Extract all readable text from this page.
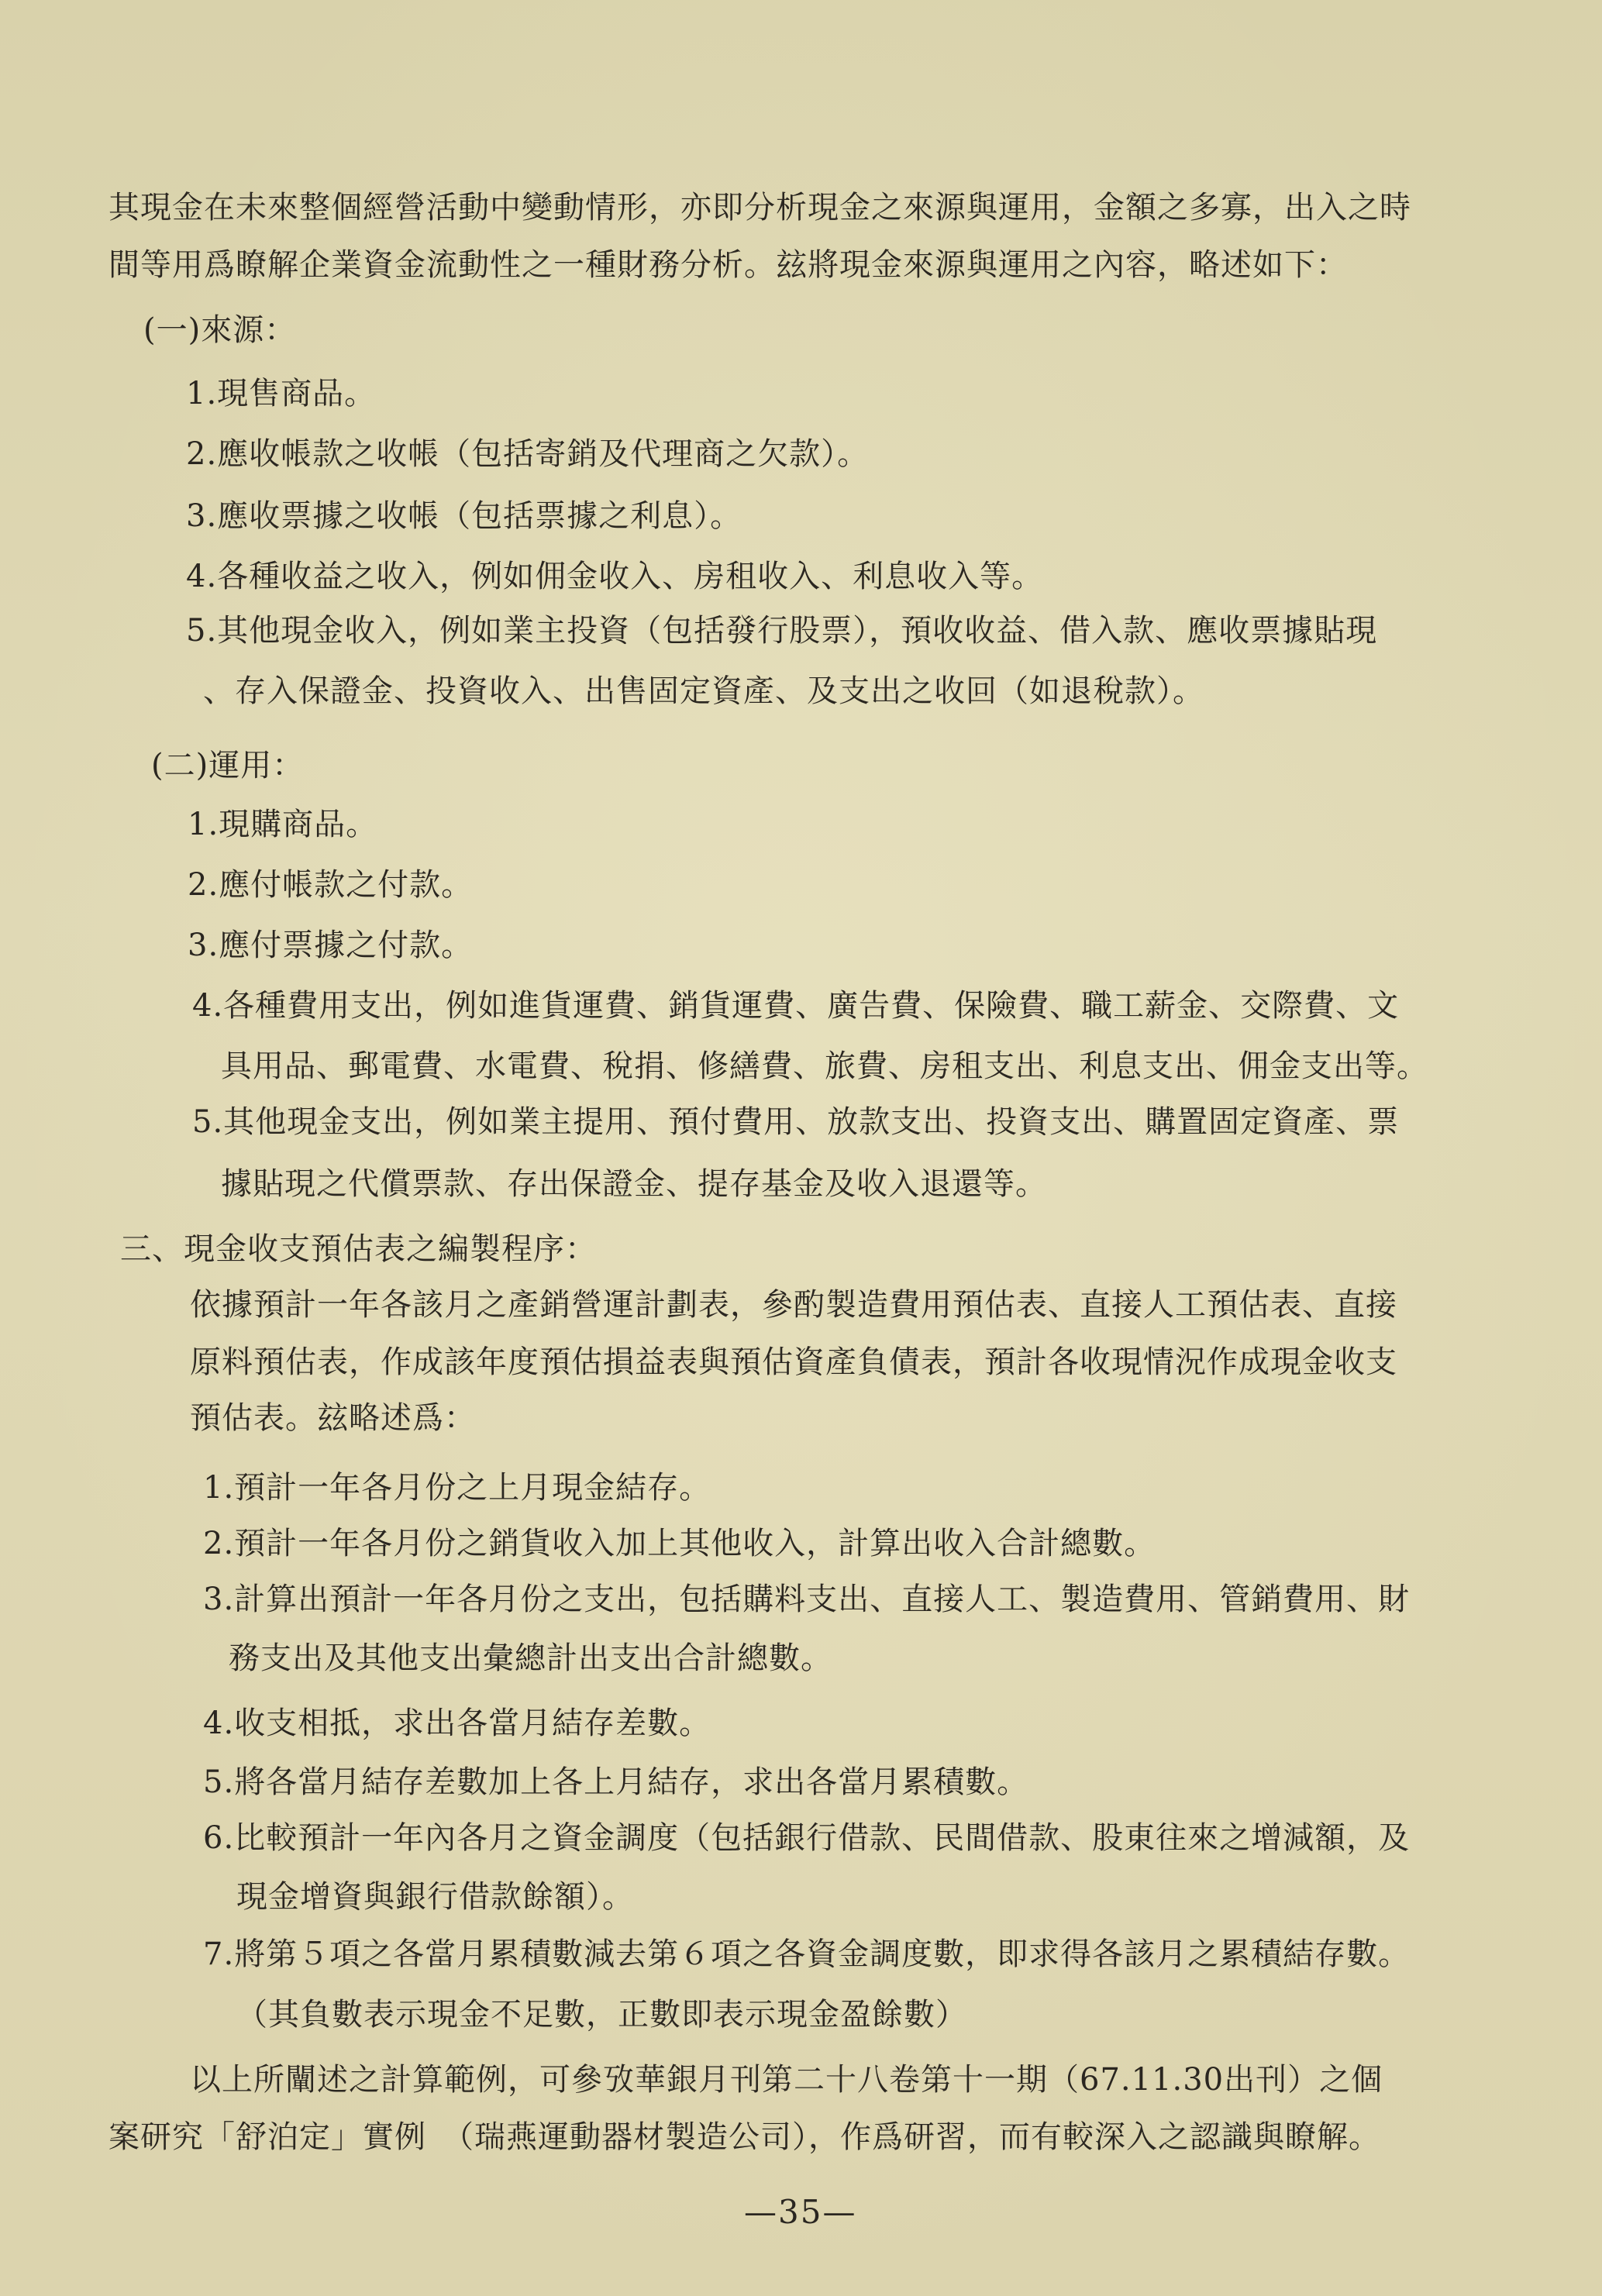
其現金在未來整個經營活動中變動情形，亦即分析現金之來源與運用，金額之多寡，出入之時
間等用爲瞭解企業資金流動性之一種財務分析。玆將現金來源與運用之內容，略述如下：
(一)來源：
1.現售商品。
2.應收帳款之收帳（包括寄銷及代理商之欠款）。
3.應收票據之收帳（包括票據之利息）。
4.各種收益之收入，例如佣金收入、房租收入、利息收入等。
5.其他現金收入，例如業主投資（包括發行股票），預收收益、借入款、應收票據貼現
、存入保證金、投資收入、出售固定資產、及支出之收回（如退稅款）。
(二)運用：
1.現購商品。
2.應付帳款之付款。
3.應付票據之付款。
4.各種費用支出，例如進貨運費、銷貨運費、廣告費、保險費、職工薪金、交際費、文
具用品、郵電費、水電費、稅捐、修繕費、旅費、房租支出、利息支出、佣金支出等。
5.其他現金支出，例如業主提用、預付費用、放款支出、投資支出、購置固定資產、票
據貼現之代償票款、存出保證金、提存基金及收入退還等。
三、現金收支預估表之編製程序：
依據預計一年各該月之產銷營運計劃表，參酌製造費用預估表、直接人工預估表、直接
原料預估表，作成該年度預估損益表與預估資產負債表，預計各收現情況作成現金收支
預估表。玆略述爲：
1.預計一年各月份之上月現金結存。
2.預計一年各月份之銷貨收入加上其他收入，計算出收入合計總數。
3.計算出預計一年各月份之支出，包括購料支出、直接人工、製造費用、管銷費用、財
務支出及其他支出彙總計出支出合計總數。
4.收支相抵，求出各當月結存差數。
5.將各當月結存差數加上各上月結存，求出各當月累積數。
6.比較預計一年內各月之資金調度（包括銀行借款、民間借款、股東往來之增減額，及
現金增資與銀行借款餘額）。
7.將第５項之各當月累積數減去第６項之各資金調度數，即求得各該月之累積結存數。
（其負數表示現金不足數，正數即表示現金盈餘數）
以上所闡述之計算範例，可參攷華銀月刊第二十八卷第十一期（67.11.30出刊）之個
案研究「舒泊定」實例　（瑞燕運動器材製造公司），作爲研習，而有較深入之認識與瞭解。
—35—
